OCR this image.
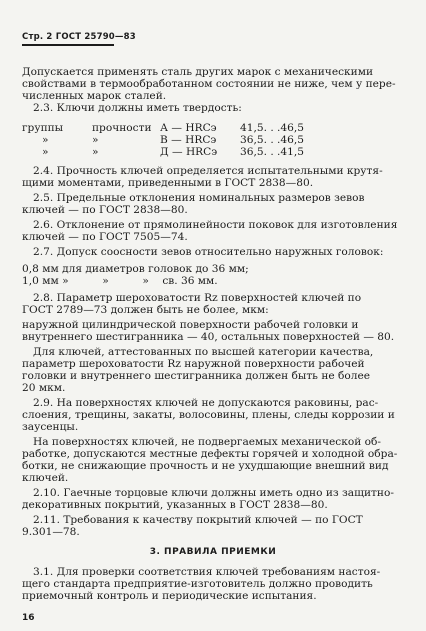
Стр. 2 ГОСТ 25790—83
Допускается применять сталь других марок с механическими
свойствами в термообработанном состоянии не ниже, чем у пере-
численных марок сталей.
2.3. Ключи должны иметь твердость:
группы	прочности А — HRCэ 41,5. . .46,5
»	»	В — HRCэ 36,5. . .46,5
»	»	Д — HRCэ 36,5. . .41,5
2.4. Прочность ключей определяется испытательными крутя-
щими моментами, приведенными в ГОСТ 2838—80.
2.5. Предельные отклонения номинальных размеров зевов
ключей — по ГОСТ 2838—80.
2.6. Отклонение от прямолинейности поковок для изготовления
ключей — по ГОСТ 7505—74.
2.7. Допуск соосности зевов относительно наружных головок:
0,8 мм для диаметров головок до 36 мм;
1,0 мм »          »          »    св. 36 мм.
2.8. Параметр шероховатости Rz поверхностей ключей по
ГОСТ 2789—73 должен быть не более, мкм:
наружной цилиндрической поверхности рабочей головки и
внутреннего шестигранника — 40, остальных поверхностей — 80.
Для ключей, аттестованных по высшей категории качества,
параметр шероховатости Rz наружной поверхности рабочей
головки и внутреннего шестигранника должен быть не более
20 мкм.
2.9. На поверхностях ключей не допускаются раковины, рас-
слоения, трещины, закаты, волосовины, плены, следы коррозии и
заусенцы.
На поверхностях ключей, не подвергаемых механической об-
работке, допускаются местные дефекты горячей и холодной обра-
ботки, не снижающие прочность и не ухудшающие внешний вид
ключей.
2.10. Гаечные торцовые ключи должны иметь одно из защитно-
декоративных покрытий, указанных в ГОСТ 2838—80.
2.11. Требования к качеству покрытий ключей — по ГОСТ
9.301—78.
3. ПРАВИЛА ПРИЕМКИ
3.1. Для проверки соответствия ключей требованиям настоя-
щего стандарта предприятие-изготовитель должно проводить
приемочный контроль и периодические испытания.
16
